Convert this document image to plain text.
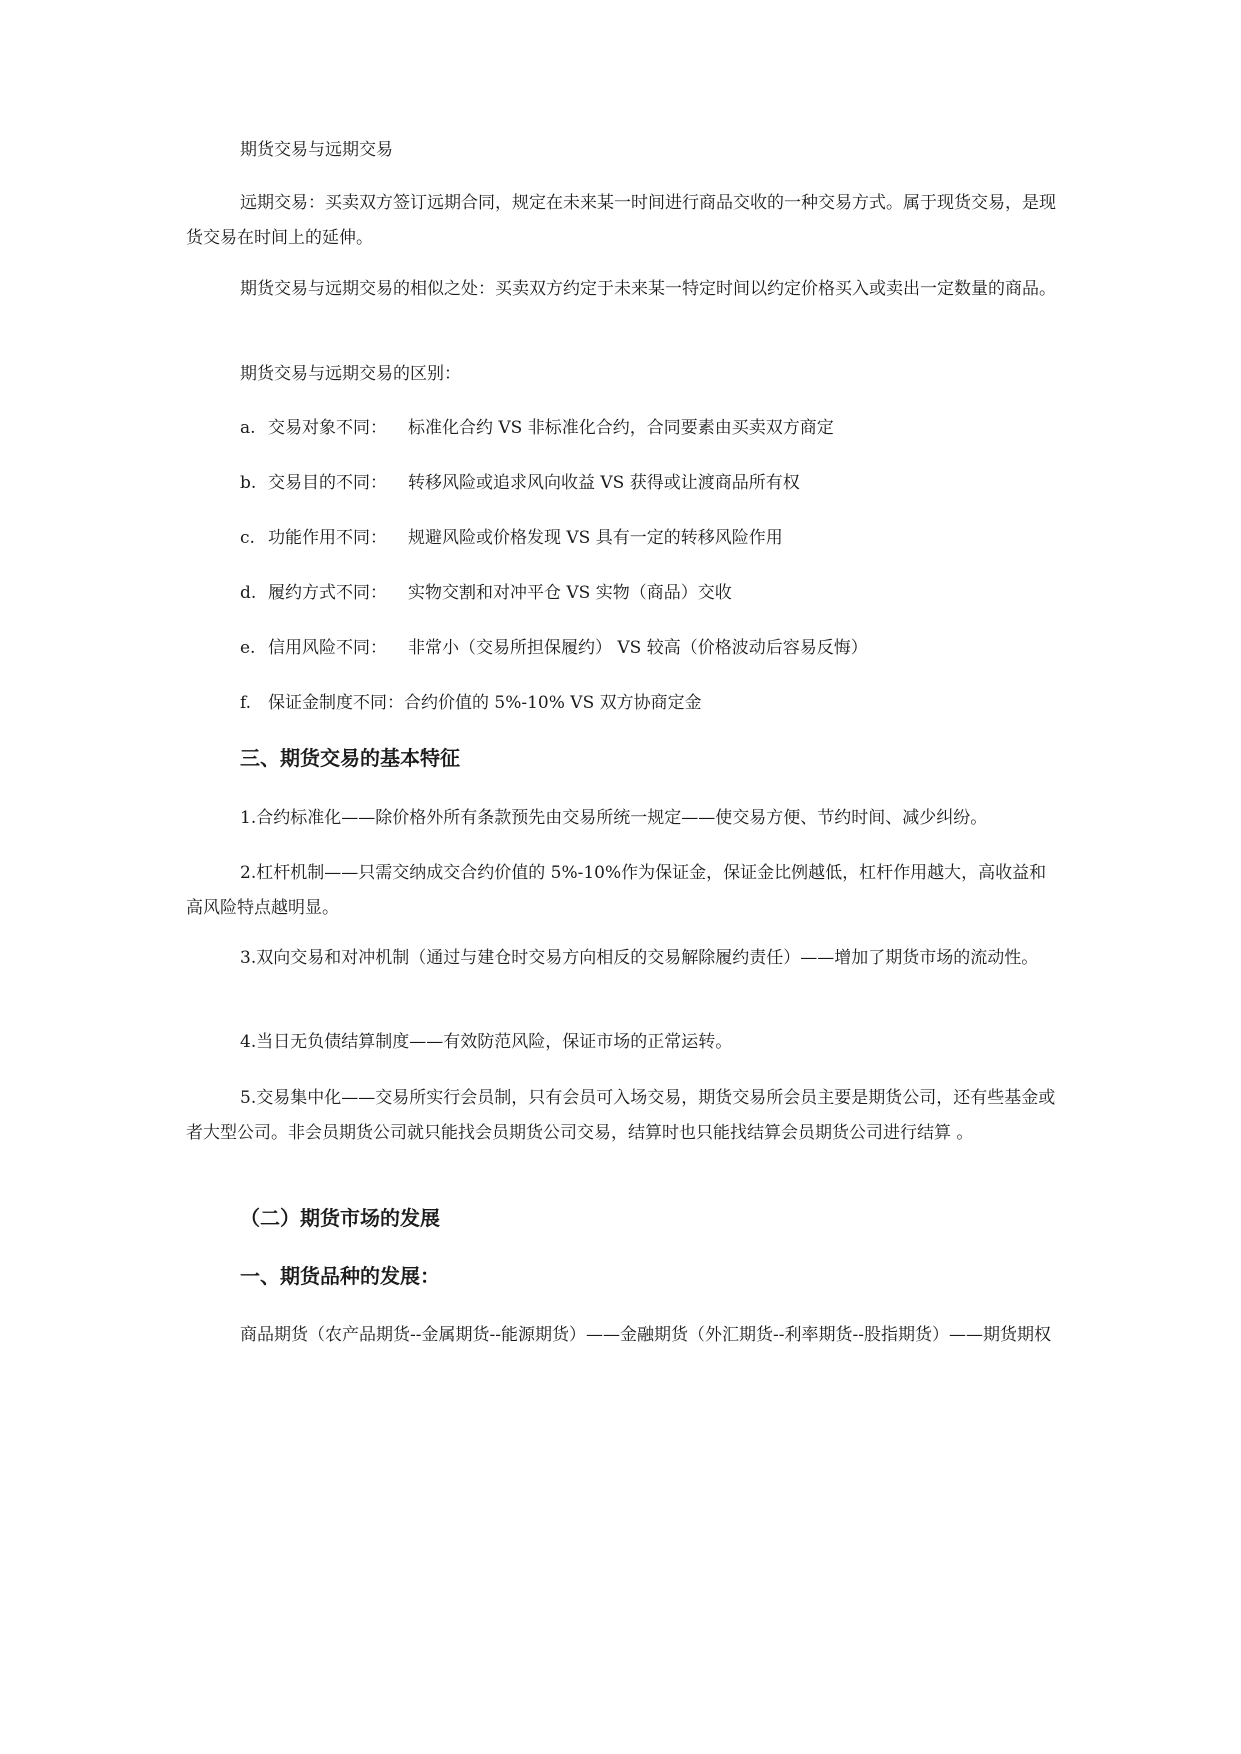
期货交易与远期交易

远期交易：买卖双方签订远期合同，规定在未来某一时间进行商品交收的一种交易方式。属于现货交易，是现货交易在时间上的延伸。

期货交易与远期交易的相似之处：买卖双方约定于未来某一特定时间以约定价格买入或卖出一定数量的商品。

期货交易与远期交易的区别：

a. 交易对象不同： 标准化合约 VS 非标准化合约，合同要素由买卖双方商定

b. 交易目的不同： 转移风险或追求风向收益 VS 获得或让渡商品所有权

c. 功能作用不同： 规避风险或价格发现 VS 具有一定的转移风险作用

d. 履约方式不同： 实物交割和对冲平仓 VS 实物（商品）交收

e. 信用风险不同： 非常小（交易所担保履约） VS 较高（价格波动后容易反悔）

f. 保证金制度不同：合约价值的 5%-10% VS 双方协商定金

三、期货交易的基本特征

1.合约标准化——除价格外所有条款预先由交易所统一规定——使交易方便、节约时间、减少纠纷。

2.杠杆机制——只需交纳成交合约价值的 5%-10%作为保证金，保证金比例越低，杠杆作用越大，高收益和高风险特点越明显。

3.双向交易和对冲机制（通过与建仓时交易方向相反的交易解除履约责任）——增加了期货市场的流动性。

4.当日无负债结算制度——有效防范风险，保证市场的正常运转。

5.交易集中化——交易所实行会员制，只有会员可入场交易，期货交易所会员主要是期货公司，还有些基金或者大型公司。非会员期货公司就只能找会员期货公司交易，结算时也只能找结算会员期货公司进行结算 。

（二）期货市场的发展
一、期货品种的发展：

商品期货（农产品期货--金属期货--能源期货）——金融期货（外汇期货--利率期货--股指期货）——期货期权
